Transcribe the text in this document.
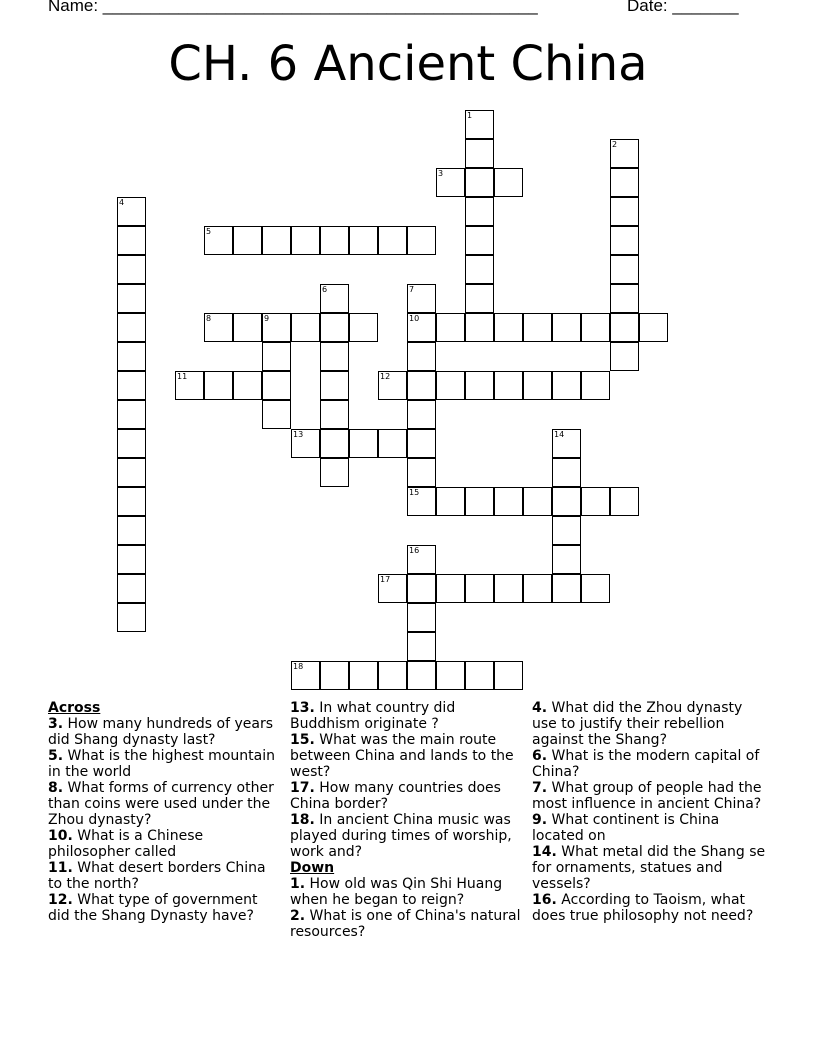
Name: ______________________________________________	Date: _______
CH. 6 Ancient China
1
2
3
4
5
6	7
10
15
8	9
11	12
13	14
16
17
18
Across

3. How many hundreds of years did Shang dynasty last?

5. What is the highest mountain in the world

8. What forms of currency other than coins were used under the Zhou dynasty?

10. What is a Chinese philosopher called

11. What desert borders China to the north?

12. What type of government did the Shang Dynasty have?

13. In what country did Buddhism originate ?

15. What was the main route between China and lands to the west?

17. How many countries does China border?

18. In ancient China music was played during times of worship, work and?

Down

1. How old was Qin Shi Huang when he began to reign?

2. What is one of China's natural resources?

4. What did the Zhou dynasty use to justify their rebellion against the Shang?

6. What is the modern capital of China?

7. What group of people had the most influence in ancient China?

9. What continent is China located on

14. What metal did the Shang se for ornaments, statues and vessels?

16. According to Taoism, what does true philosophy not need?
